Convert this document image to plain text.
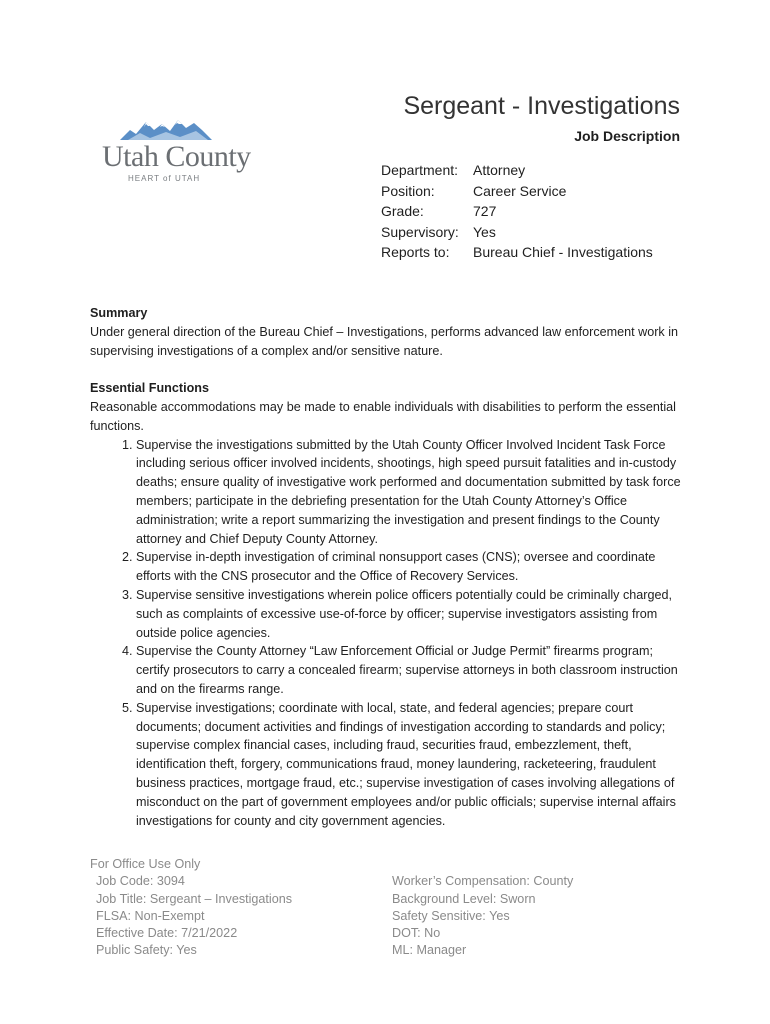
Utah County
HEART of UTAH
Sergeant - Investigations
Job Description
Department: Attorney
Position:	Career Service
Grade:	727
Supervisory: Yes
Reports to: Bureau Chief - Investigations

Summary

Under general direction of the Bureau Chief – Investigations, performs advanced law enforcement work in supervising investigations of a complex and/or sensitive nature.

Essential Functions

Reasonable accommodations may be made to enable individuals with disabilities to perform the essential functions.

1. Supervise the investigations submitted by the Utah County Officer Involved Incident Task Force including serious officer involved incidents, shootings, high speed pursuit fatalities and in-custody deaths; ensure quality of investigative work performed and documentation submitted by task force members; participate in the debriefing presentation for the Utah County Attorney’s Office administration; write a report summarizing the investigation and present findings to the County attorney and Chief Deputy County Attorney.
2. Supervise in-depth investigation of criminal nonsupport cases (CNS); oversee and coordinate efforts with the CNS prosecutor and the Office of Recovery Services.
3. Supervise sensitive investigations wherein police officers potentially could be criminally charged, such as complaints of excessive use-of-force by officer; supervise investigators assisting from outside police agencies.
4. Supervise the County Attorney “Law Enforcement Official or Judge Permit” firearms program; certify prosecutors to carry a concealed firearm; supervise attorneys in both classroom instruction and on the firearms range.
5. Supervise investigations; coordinate with local, state, and federal agencies; prepare court documents; document activities and findings of investigation according to standards and policy; supervise complex financial cases, including fraud, securities fraud, embezzlement, theft, identification theft, forgery, communications fraud, money laundering, racketeering, fraudulent business practices, mortgage fraud, etc.; supervise investigation of cases involving allegations of misconduct on the part of government employees and/or public officials; supervise internal affairs investigations for county and city government agencies.
For Office Use Only
Job Code: 3094
Job Title: Sergeant – Investigations
FLSA: Non-Exempt
Effective Date: 7/21/2022
Public Safety: Yes
Worker’s Compensation: County
Background Level: Sworn
Safety Sensitive: Yes
DOT: No
ML: Manager
